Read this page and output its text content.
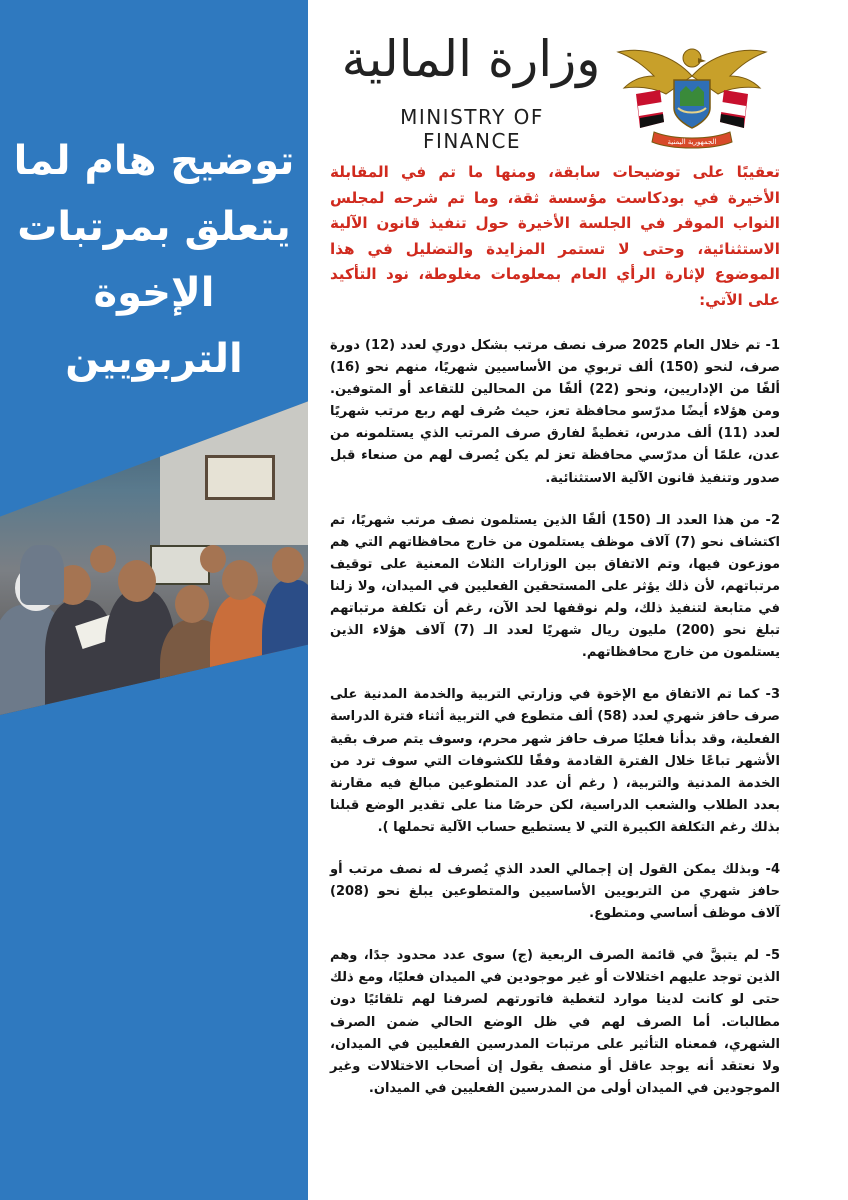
توضيح هام لما
يتعلق بمرتبات
الإخوة التربويين
الجمهورية اليمنية
وزارة المالية
MINISTRY OF FINANCE

تعقيبًا على توضيحات سابقة، ومنها ما تم في المقابلة الأخيرة في بودكاست مؤسسة ثقة، وما تم شرحه لمجلس النواب الموقر في الجلسة الأخيرة حول تنفيذ قانون الآلية الاستثنائية، وحتى لا تستمر المزايدة والتضليل في هذا الموضوع لإثارة الرأي العام بمعلومات مغلوطة، نود التأكيد على الآتي:

1- تم خلال العام 2025 صرف نصف مرتب بشكل دوري لعدد (12) دورة صرف، لنحو (150) ألف تربوي من الأساسيين شهريًا، منهم نحو (16) ألفًا من الإداريين، ونحو (22) ألفًا من المحالين للتقاعد أو المتوفين. ومن هؤلاء أيضًا مدرّسو محافظة تعز، حيث صُرف لهم ربع مرتب شهريًا لعدد (11) ألف مدرس، تغطيةً لفارق صرف المرتب الذي يستلمونه من عدن، علمًا أن مدرّسي محافظة تعز لم يكن يُصرف لهم من صنعاء قبل صدور وتنفيذ قانون الآلية الاستثنائية.

2- من هذا العدد الـ (150) ألفًا الذين يستلمون نصف مرتب شهريًا، تم اكتشاف نحو (7) آلاف موظف يستلمون من خارج محافظاتهم التي هم موزعون فيها، وتم الاتفاق بين الوزارات الثلاث المعنية على توقيف مرتباتهم، لأن ذلك يؤثر على المستحقين الفعليين في الميدان، ولا زلنا في متابعة لتنفيذ ذلك، ولم نوقفها لحد الآن، رغم أن تكلفة مرتباتهم تبلغ نحو (200) مليون ريال شهريًا لعدد الـ (7) آلاف هؤلاء الذين يستلمون من خارج محافظاتهم.

3- كما تم الاتفاق مع الإخوة في وزارتي التربية والخدمة المدنية على صرف حافز شهري لعدد (58) ألف متطوع في التربية أثناء فترة الدراسة الفعلية، وقد بدأنا فعليًا صرف حافز شهر محرم، وسوف يتم صرف بقية الأشهر تباعًا خلال الفترة القادمة وفقًا للكشوفات التي سوف ترد من الخدمة المدنية والتربية، ( رغم أن عدد المتطوعين مبالغ فيه مقارنة بعدد الطلاب والشعب الدراسية، لكن حرصًا منا على تقدير الوضع قبلنا بذلك رغم التكلفة الكبيرة التي لا يستطيع حساب الآلية تحملها ).

4- وبذلك يمكن القول إن إجمالي العدد الذي يُصرف له نصف مرتب أو حافز شهري من التربويين الأساسيين والمتطوعين يبلغ نحو (208) آلاف موظف أساسي ومتطوع.

5- لم يتبقَّ في قائمة الصرف الربعية (ج) سوى عدد محدود جدًا، وهم الذين توجد عليهم اختلالات أو غير موجودين في الميدان فعليًا، ومع ذلك حتى لو كانت لدينا موارد لتغطية فاتورتهم لصرفنا لهم تلقائيًا دون مطالبات. أما الصرف لهم في ظل الوضع الحالي ضمن الصرف الشهري، فمعناه التأثير على مرتبات المدرسين الفعليين في الميدان، ولا نعتقد أنه يوجد عاقل أو منصف يقول إن أصحاب الاختلالات وغير الموجودين في الميدان أولى من المدرسين الفعليين في الميدان.
